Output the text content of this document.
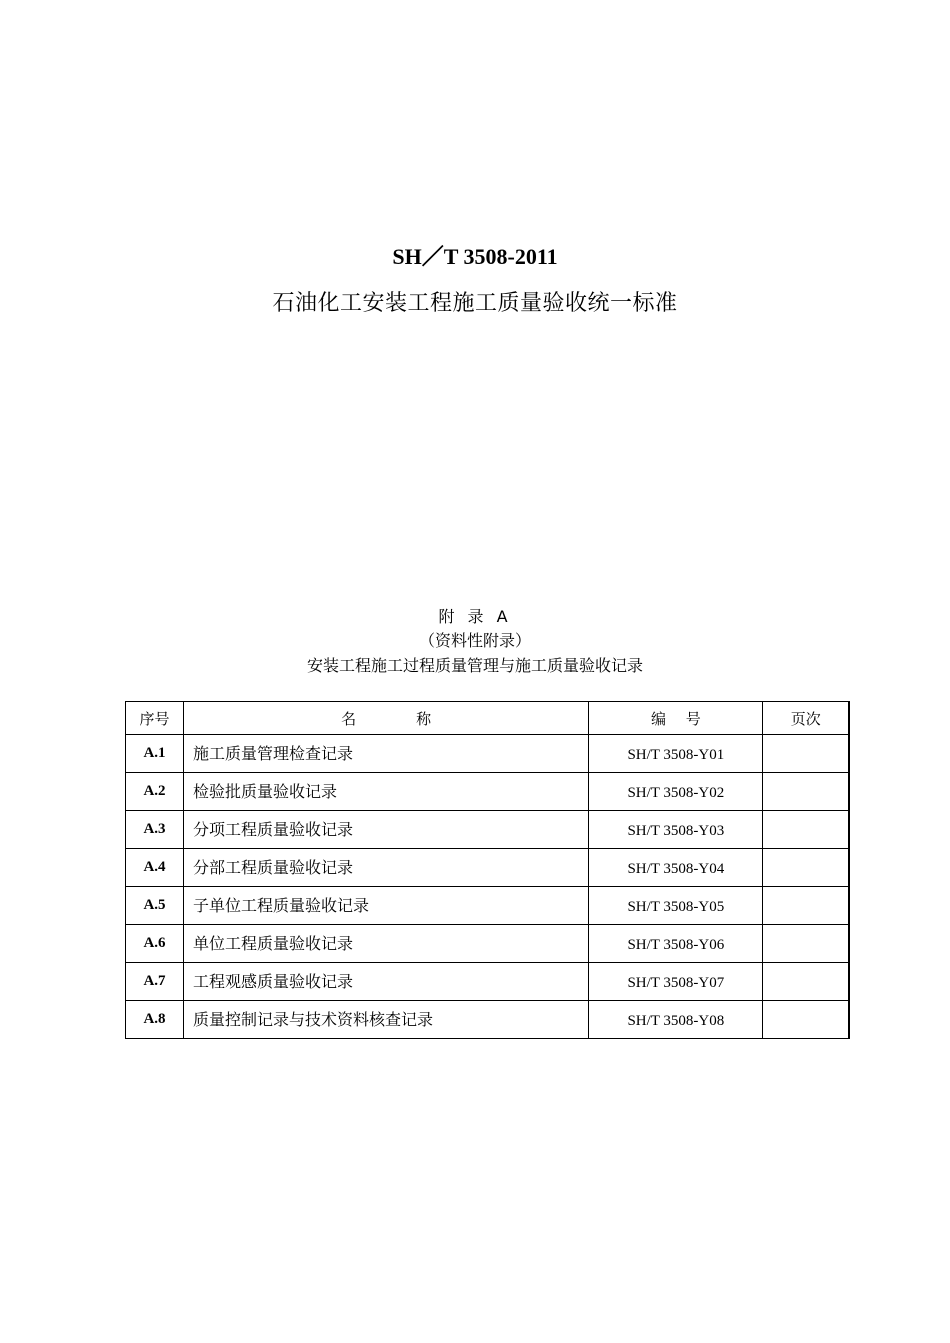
SH／T 3508-2011
石油化工安装工程施工质量验收统一标准
附 录 A
（资料性附录）
安装工程施工过程质量管理与施工质量验收记录
序号	名　　　　称	编　 号	页次
A.1	施工质量管理检查记录	SH/T 3508-Y01	
A.2	检验批质量验收记录	SH/T 3508-Y02	
A.3	分项工程质量验收记录	SH/T 3508-Y03	
A.4	分部工程质量验收记录	SH/T 3508-Y04	
A.5	子单位工程质量验收记录	SH/T 3508-Y05	
A.6	单位工程质量验收记录	SH/T 3508-Y06	
A.7	工程观感质量验收记录	SH/T 3508-Y07	
A.8	质量控制记录与技术资料核查记录	SH/T 3508-Y08	
